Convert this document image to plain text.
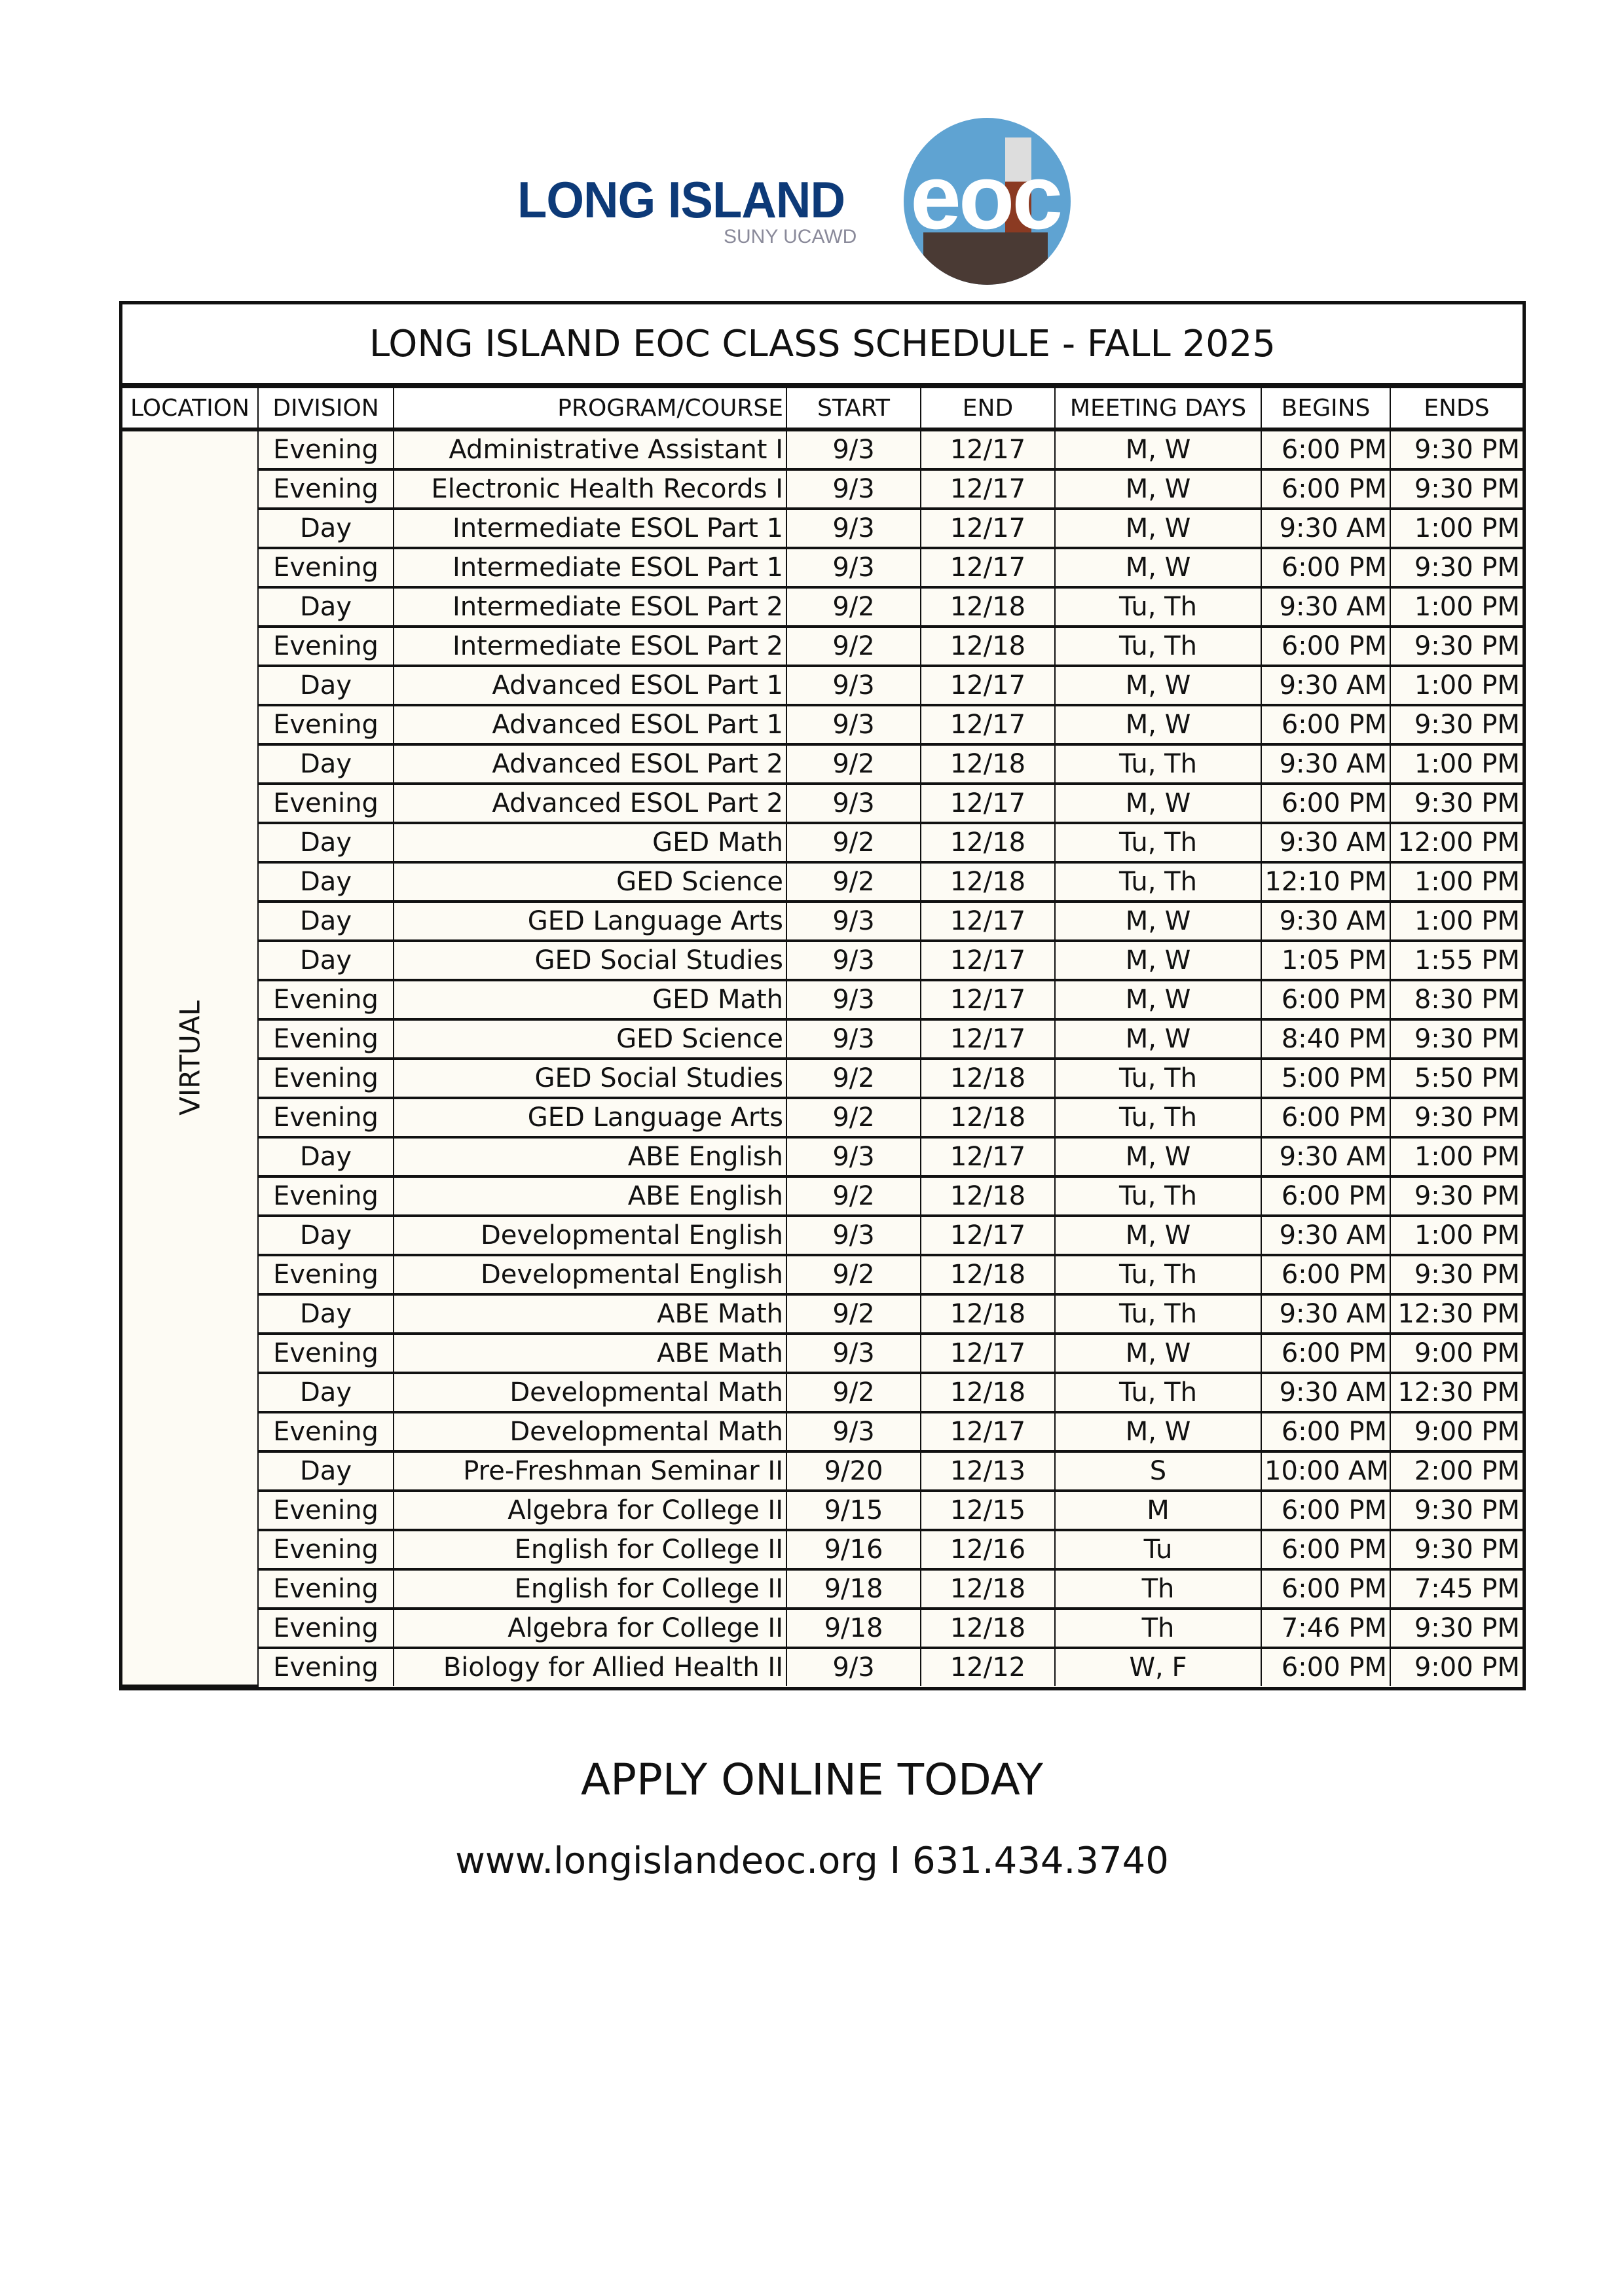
LONG ISLAND
SUNY UCAWD eoc
LONG ISLAND EOC CLASS SCHEDULE - FALL 2025
LOCATION	DIVISION	PROGRAM/COURSE	START	END	MEETING DAYS	BEGINS	ENDS

VIRTUAL	Evening	Administrative Assistant I	9/3	12/17	M, W	6:00 PM	9:30 PM
	Evening	Electronic Health Records I	9/3	12/17	M, W	6:00 PM	9:30 PM
	Day	Intermediate ESOL Part 1	9/3	12/17	M, W	9:30 AM	1:00 PM
	Evening	Intermediate ESOL Part 1	9/3	12/17	M, W	6:00 PM	9:30 PM
	Day	Intermediate ESOL Part 2	9/2	12/18	Tu, Th	9:30 AM	1:00 PM
	Evening	Intermediate ESOL Part 2	9/2	12/18	Tu, Th	6:00 PM	9:30 PM
	Day	Advanced ESOL Part 1	9/3	12/17	M, W	9:30 AM	1:00 PM
	Evening	Advanced ESOL Part 1	9/3	12/17	M, W	6:00 PM	9:30 PM
	Day	Advanced ESOL Part 2	9/2	12/18	Tu, Th	9:30 AM	1:00 PM
	Evening	Advanced ESOL Part 2	9/3	12/17	M, W	6:00 PM	9:30 PM
	Day	GED Math	9/2	12/18	Tu, Th	9:30 AM	12:00 PM
	Day	GED Science	9/2	12/18	Tu, Th	12:10 PM	1:00 PM
	Day	GED Language Arts	9/3	12/17	M, W	9:30 AM	1:00 PM
	Day	GED Social Studies	9/3	12/17	M, W	1:05 PM	1:55 PM
	Evening	GED Math	9/3	12/17	M, W	6:00 PM	8:30 PM
	Evening	GED Science	9/3	12/17	M, W	8:40 PM	9:30 PM
	Evening	GED Social Studies	9/2	12/18	Tu, Th	5:00 PM	5:50 PM
	Evening	GED Language Arts	9/2	12/18	Tu, Th	6:00 PM	9:30 PM
	Day	ABE English	9/3	12/17	M, W	9:30 AM	1:00 PM
	Evening	ABE English	9/2	12/18	Tu, Th	6:00 PM	9:30 PM
	Day	Developmental English	9/3	12/17	M, W	9:30 AM	1:00 PM
	Evening	Developmental English	9/2	12/18	Tu, Th	6:00 PM	9:30 PM
	Day	ABE Math	9/2	12/18	Tu, Th	9:30 AM	12:30 PM
	Evening	ABE Math	9/3	12/17	M, W	6:00 PM	9:00 PM
	Day	Developmental Math	9/2	12/18	Tu, Th	9:30 AM	12:30 PM
	Evening	Developmental Math	9/3	12/17	M, W	6:00 PM	9:00 PM
	Day	Pre-Freshman Seminar II	9/20	12/13	S	10:00 AM	2:00 PM
	Evening	Algebra for College II	9/15	12/15	M	6:00 PM	9:30 PM
	Evening	English for College II	9/16	12/16	Tu	6:00 PM	9:30 PM
	Evening	English for College II	9/18	12/18	Th	6:00 PM	7:45 PM
	Evening	Algebra for College II	9/18	12/18	Th	7:46 PM	9:30 PM
	Evening	Biology for Allied Health II	9/3	12/12	W, F	6:00 PM	9:00 PM
APPLY ONLINE TODAY
www.longislandeoc.org I 631.434.3740
